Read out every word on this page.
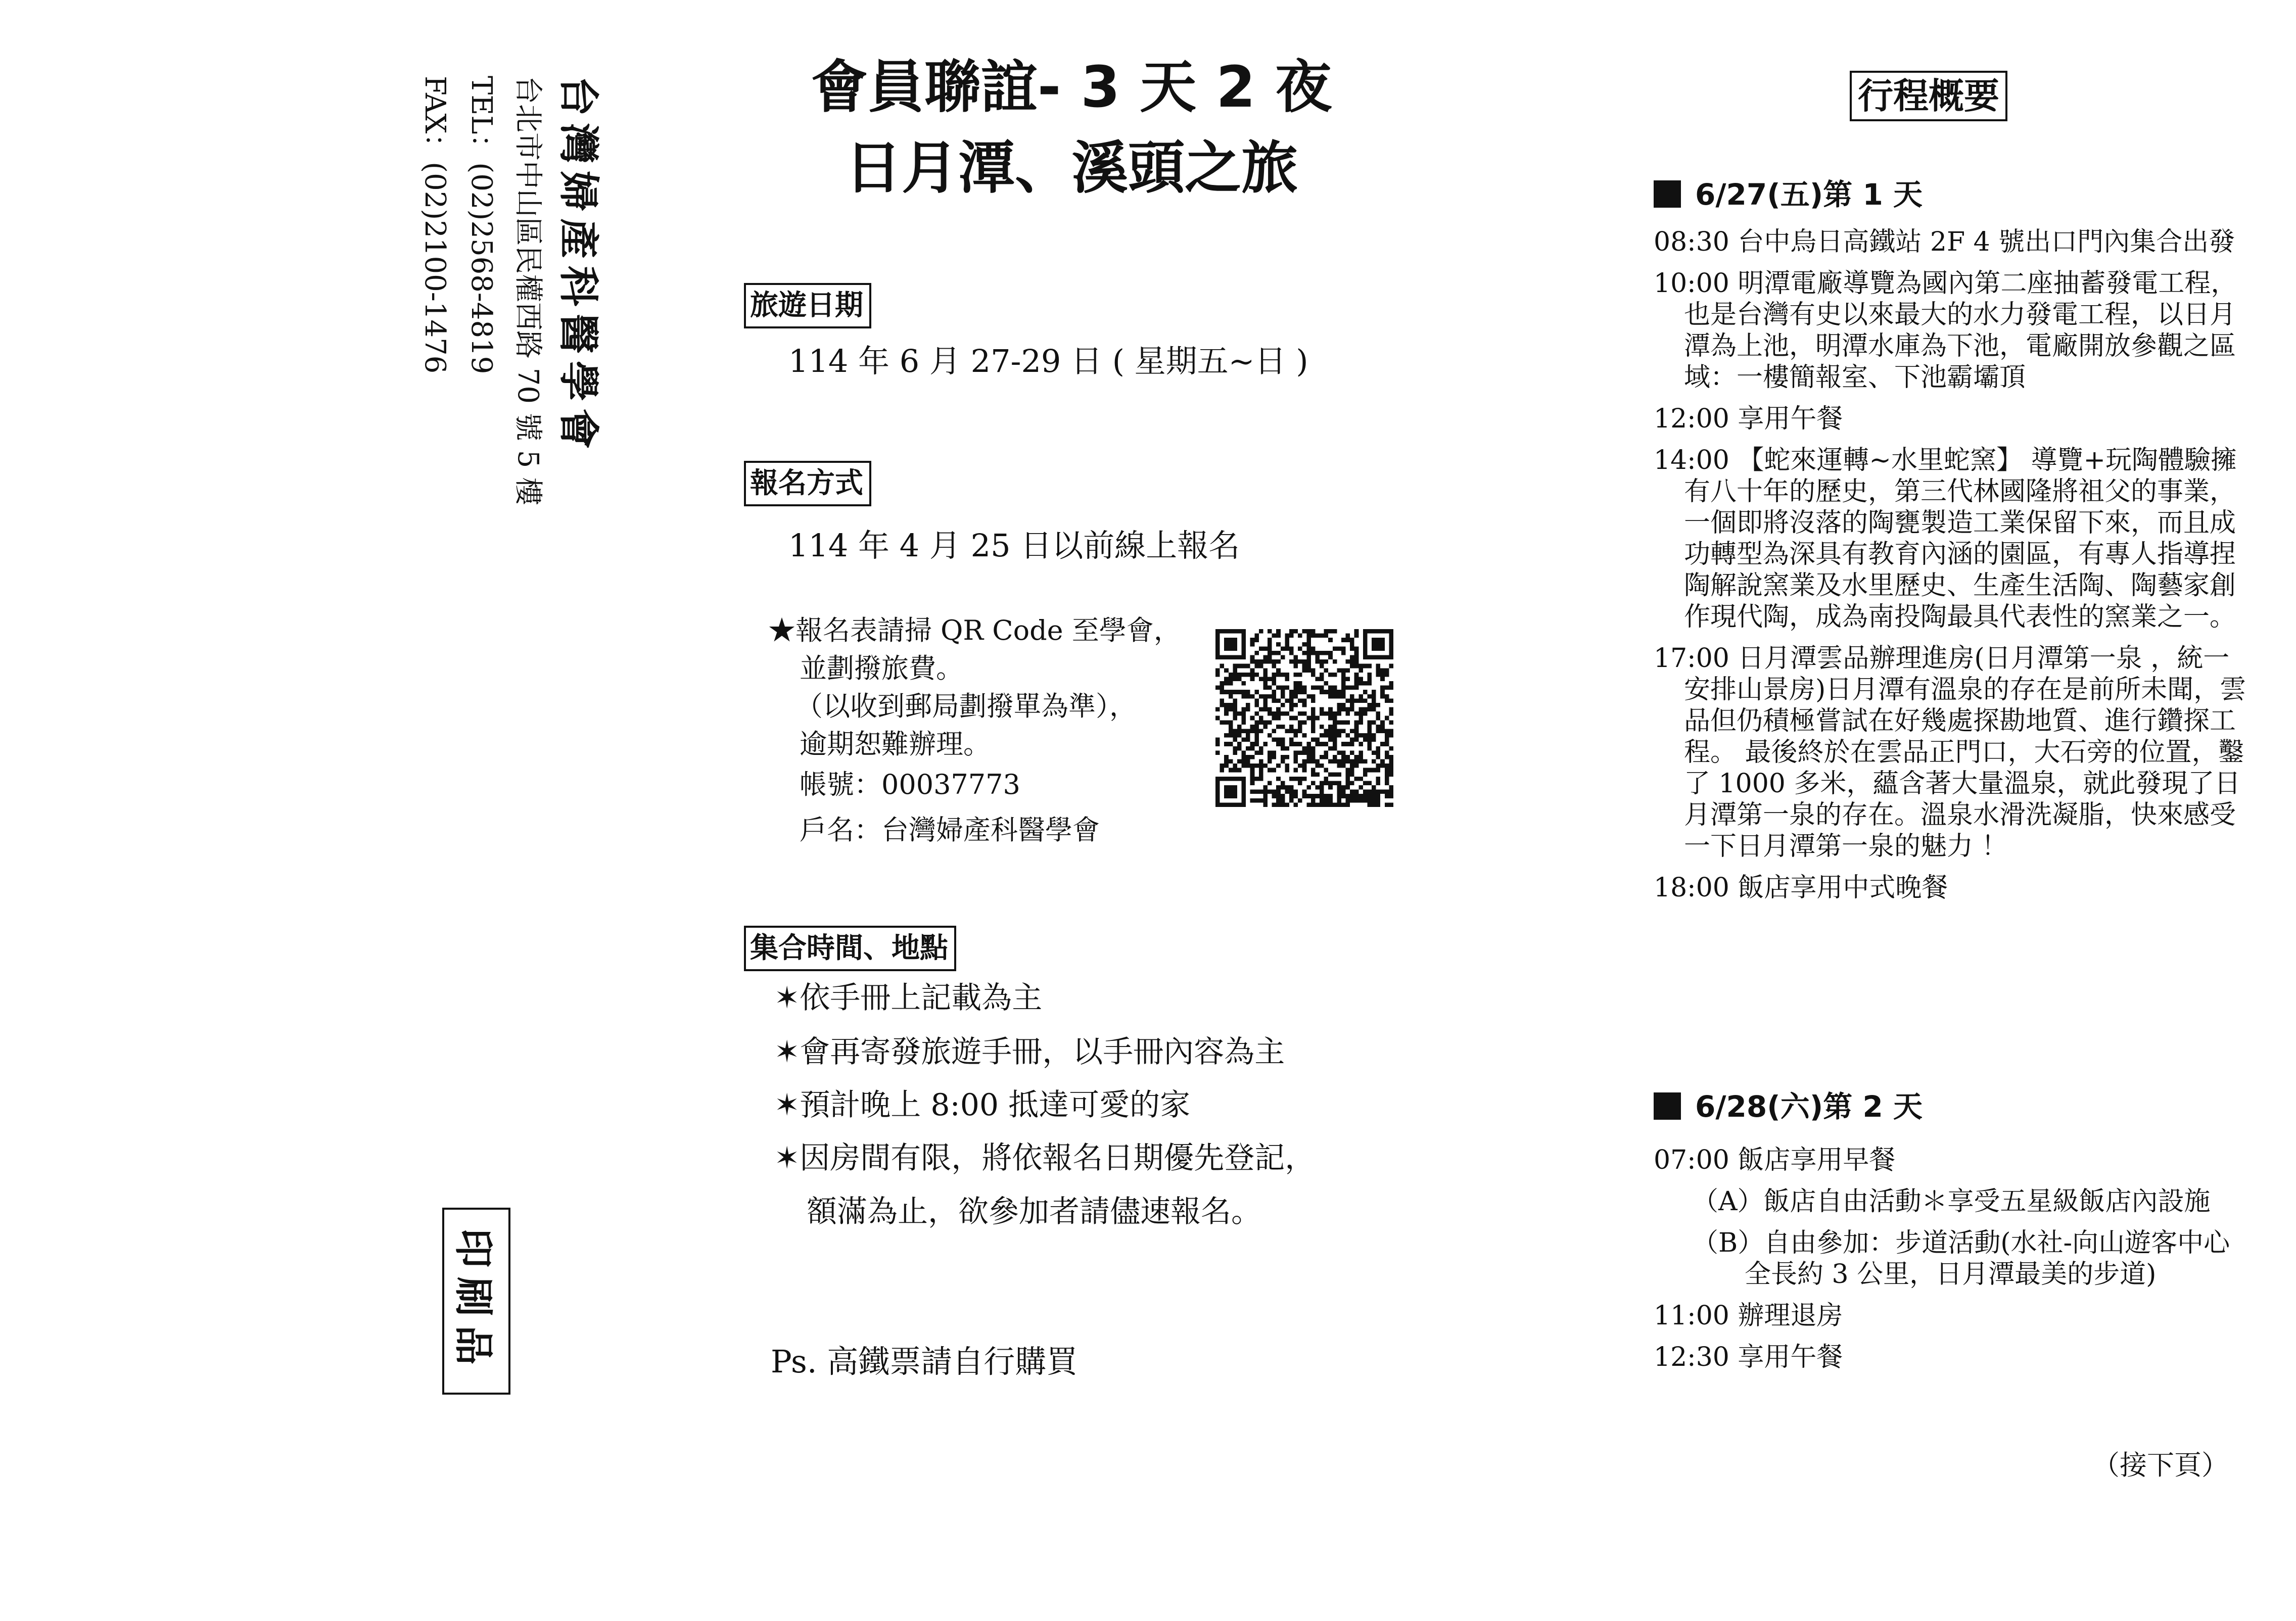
台灣婦產科醫學會
台北市中山區民權西路 70 號 5 樓
TEL：(02)2568-4819
FAX：(02)2100-1476
印刷品
會員聯誼- 3 天 2 夜
日月潭、溪頭之旅
旅遊日期
114 年 6 月 27-29 日 ( 星期五~日 )
報名方式
114 年 4 月 25 日以前線上報名
★報名表請掃 QR Code 至學會，
並劃撥旅費。
（以收到郵局劃撥單為準），
逾期恕難辦理。
帳號：00037773
戶名：台灣婦產科醫學會
集合時間、地點
✶依手冊上記載為主
✶會再寄發旅遊手冊，以手冊內容為主
✶預計晚上 8:00 抵達可愛的家
✶因房間有限，將依報名日期優先登記，
額滿為止，欲參加者請儘速報名。
Ps. 高鐵票請自行購買
行程概要
6/27(五)第 1 天
08:30 台中烏日高鐵站 2F 4 號出口門內集合出發
10:00 明潭電廠導覽為國內第二座抽蓄發電工程，也是台灣有史以來最大的水力發電工程，以日月潭為上池，明潭水庫為下池，電廠開放參觀之區域：一樓簡報室、下池霸壩頂
12:00 享用午餐
14:00 【蛇來運轉~水里蛇窯】 導覽+玩陶體驗擁有八十年的歷史，第三代林國隆將祖父的事業，一個即將沒落的陶甕製造工業保留下來，而且成功轉型為深具有教育內涵的園區，有專人指導捏陶解說窯業及水里歷史、生產生活陶、陶藝家創作現代陶，成為南投陶最具代表性的窯業之一。
17:00 日月潭雲品辦理進房(日月潭第一泉 ，統一安排山景房)日月潭有溫泉的存在是前所未聞，雲品但仍積極嘗試在好幾處探勘地質、進行鑽探工程。 最後終於在雲品正門口，大石旁的位置，鑿了 1000 多米，蘊含著大量溫泉，就此發現了日月潭第一泉的存在。溫泉水滑洗凝脂，快來感受一下日月潭第一泉的魅力 ！
18:00 飯店享用中式晚餐
6/28(六)第 2 天
07:00 飯店享用早餐
（A）飯店自由活動＊享受五星級飯店內設施
（B）自由參加：步道活動(水社-向山遊客中心全長約 3 公里，日月潭最美的步道)
11:00 辦理退房
12:30 享用午餐
（接下頁）
